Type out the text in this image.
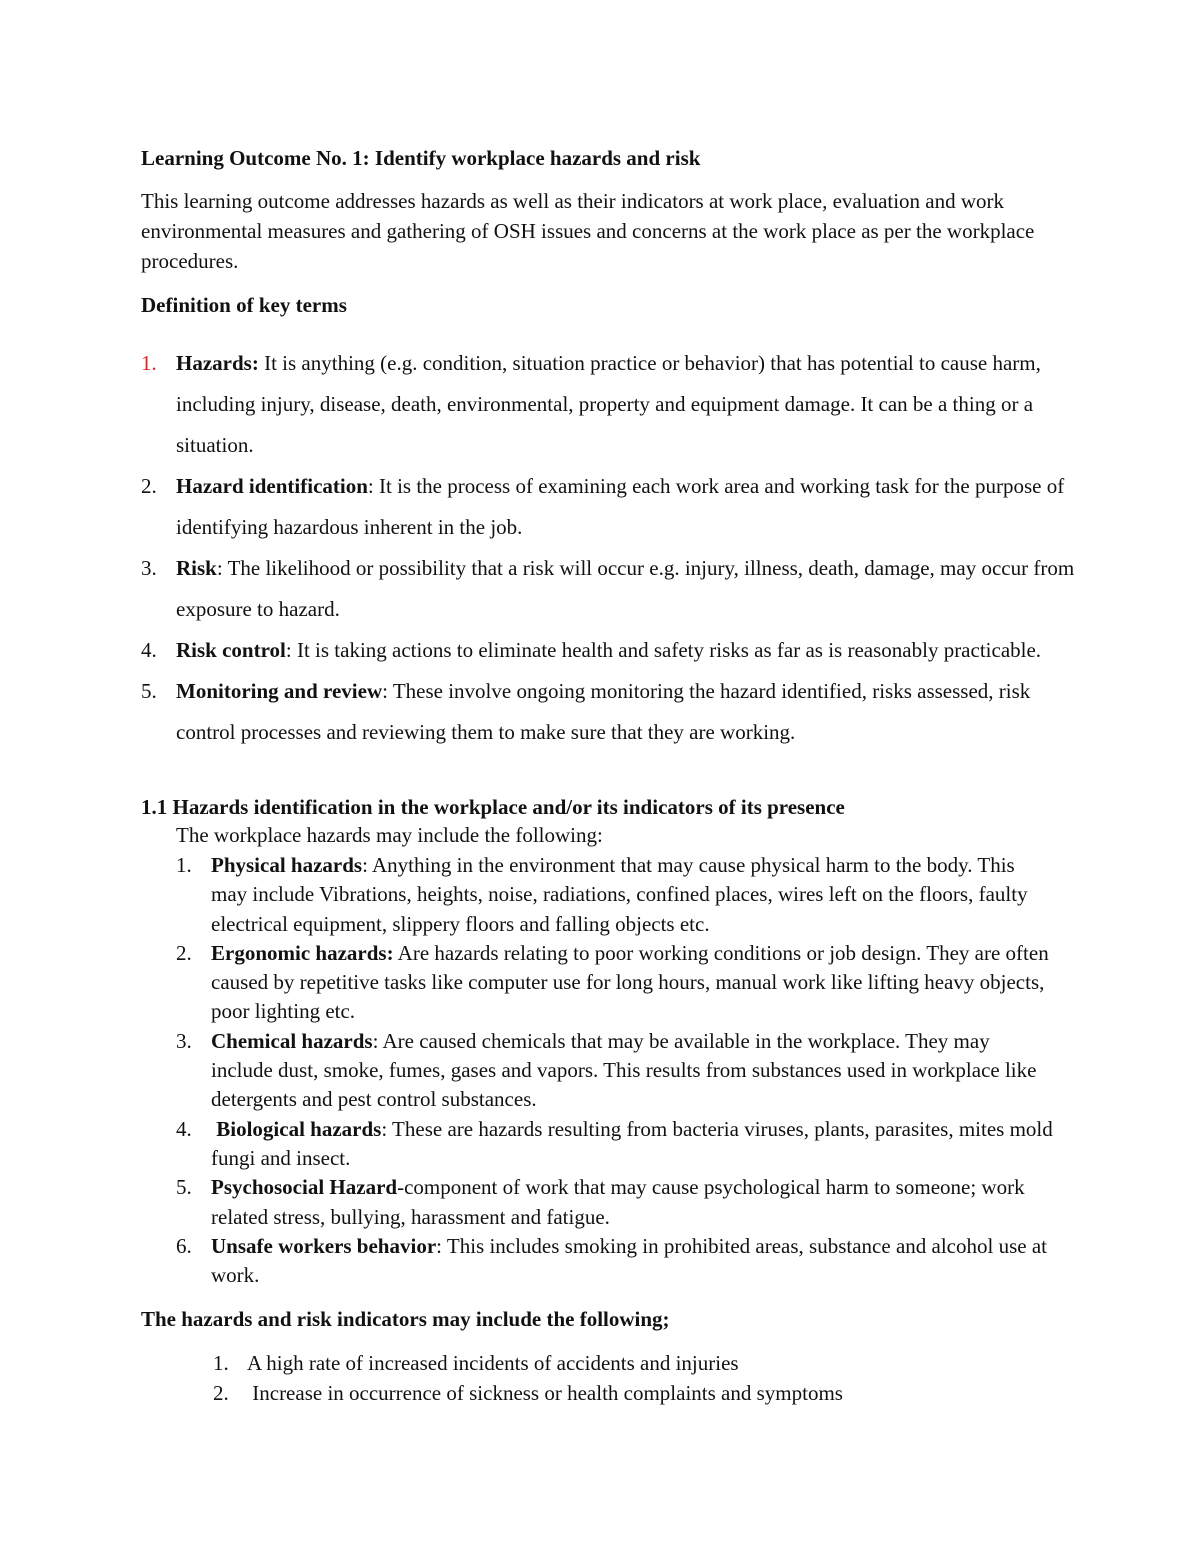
Learning Outcome No. 1: Identify workplace hazards and risk

This learning outcome addresses hazards as well as their indicators at work place, evaluation and work environmental measures and gathering of OSH issues and concerns at the work place as per the workplace procedures.

Definition of key terms
1. Hazards: It is anything (e.g. condition, situation practice or behavior) that has potential to cause harm, including injury, disease, death, environmental, property and equipment damage. It can be a thing or a situation.
2. Hazard identification: It is the process of examining each work area and working task for the purpose of identifying hazardous inherent in the job.
3. Risk: The likelihood or possibility that a risk will occur e.g. injury, illness, death, damage, may occur from exposure to hazard.
4. Risk control: It is taking actions to eliminate health and safety risks as far as is reasonably practicable.
5. Monitoring and review: These involve ongoing monitoring the hazard identified, risks assessed, risk control processes and reviewing them to make sure that they are working.
1.1 Hazards identification in the workplace and/or its indicators of its presence

The workplace hazards may include the following:

1. Physical hazards: Anything in the environment that may cause physical harm to the body. This may include Vibrations, heights, noise, radiations, confined places, wires left on the floors, faulty electrical equipment, slippery floors and falling objects etc.
2. Ergonomic hazards: Are hazards relating to poor working conditions or job design. They are often caused by repetitive tasks like computer use for long hours, manual work like lifting heavy objects, poor lighting etc.
3. Chemical hazards: Are caused chemicals that may be available in the workplace. They may include dust, smoke, fumes, gases and vapors. This results from substances used in workplace like detergents and pest control substances.
4. Biological hazards: These are hazards resulting from bacteria viruses, plants, parasites, mites mold fungi and insect.
5. Psychosocial Hazard-component of work that may cause psychological harm to someone; work related stress, bullying, harassment and fatigue.
6. Unsafe workers behavior: This includes smoking in prohibited areas, substance and alcohol use at work.
The hazards and risk indicators may include the following;
1. A high rate of increased incidents of accidents and injuries
2. Increase in occurrence of sickness or health complaints and symptoms
